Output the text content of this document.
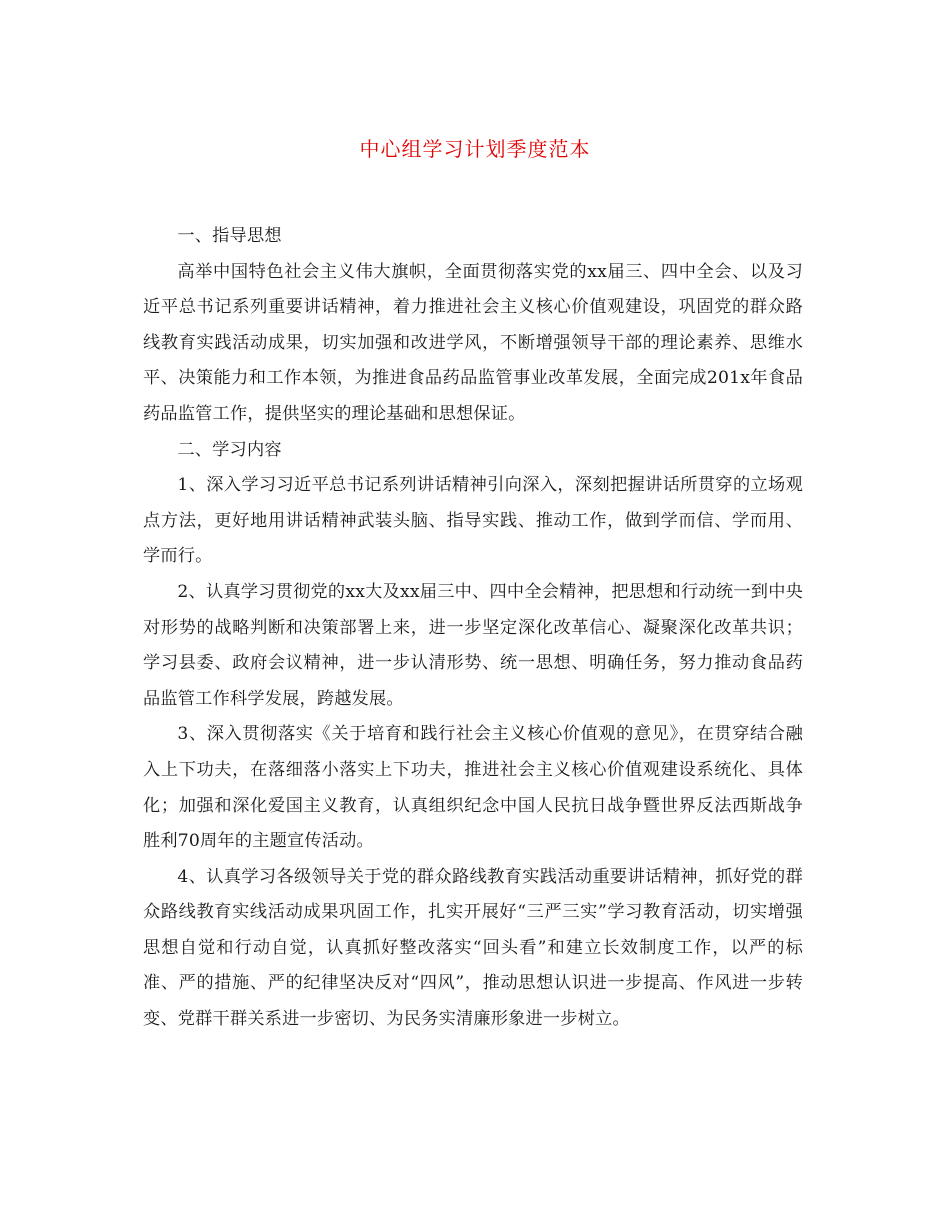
中心组学习计划季度范本

一、指导思想

高举中国特色社会主义伟大旗帜，全面贯彻落实党的xx届三、四中全会、以及习近平总书记系列重要讲话精神，着力推进社会主义核心价值观建设，巩固党的群众路线教育实践活动成果，切实加强和改进学风，不断增强领导干部的理论素养、思维水平、决策能力和工作本领，为推进食品药品监管事业改革发展，全面完成201x年食品药品监管工作，提供坚实的理论基础和思想保证。

二、学习内容

1、深入学习习近平总书记系列讲话精神引向深入，深刻把握讲话所贯穿的立场观点方法，更好地用讲话精神武装头脑、指导实践、推动工作，做到学而信、学而用、学而行。

2、认真学习贯彻党的xx大及xx届三中、四中全会精神，把思想和行动统一到中央对形势的战略判断和决策部署上来，进一步坚定深化改革信心、凝聚深化改革共识；学习县委、政府会议精神，进一步认清形势、统一思想、明确任务，努力推动食品药品监管工作科学发展，跨越发展。

3、深入贯彻落实《关于培育和践行社会主义核心价值观的意见》，在贯穿结合融入上下功夫，在落细落小落实上下功夫，推进社会主义核心价值观建设系统化、具体化；加强和深化爱国主义教育，认真组织纪念中国人民抗日战争暨世界反法西斯战争胜利70周年的主题宣传活动。

4、认真学习各级领导关于党的群众路线教育实践活动重要讲话精神，抓好党的群众路线教育实线活动成果巩固工作，扎实开展好“三严三实”学习教育活动，切实增强思想自觉和行动自觉，认真抓好整改落实“回头看”和建立长效制度工作，以严的标准、严的措施、严的纪律坚决反对“四风”，推动思想认识进一步提高、作风进一步转变、党群干群关系进一步密切、为民务实清廉形象进一步树立。
